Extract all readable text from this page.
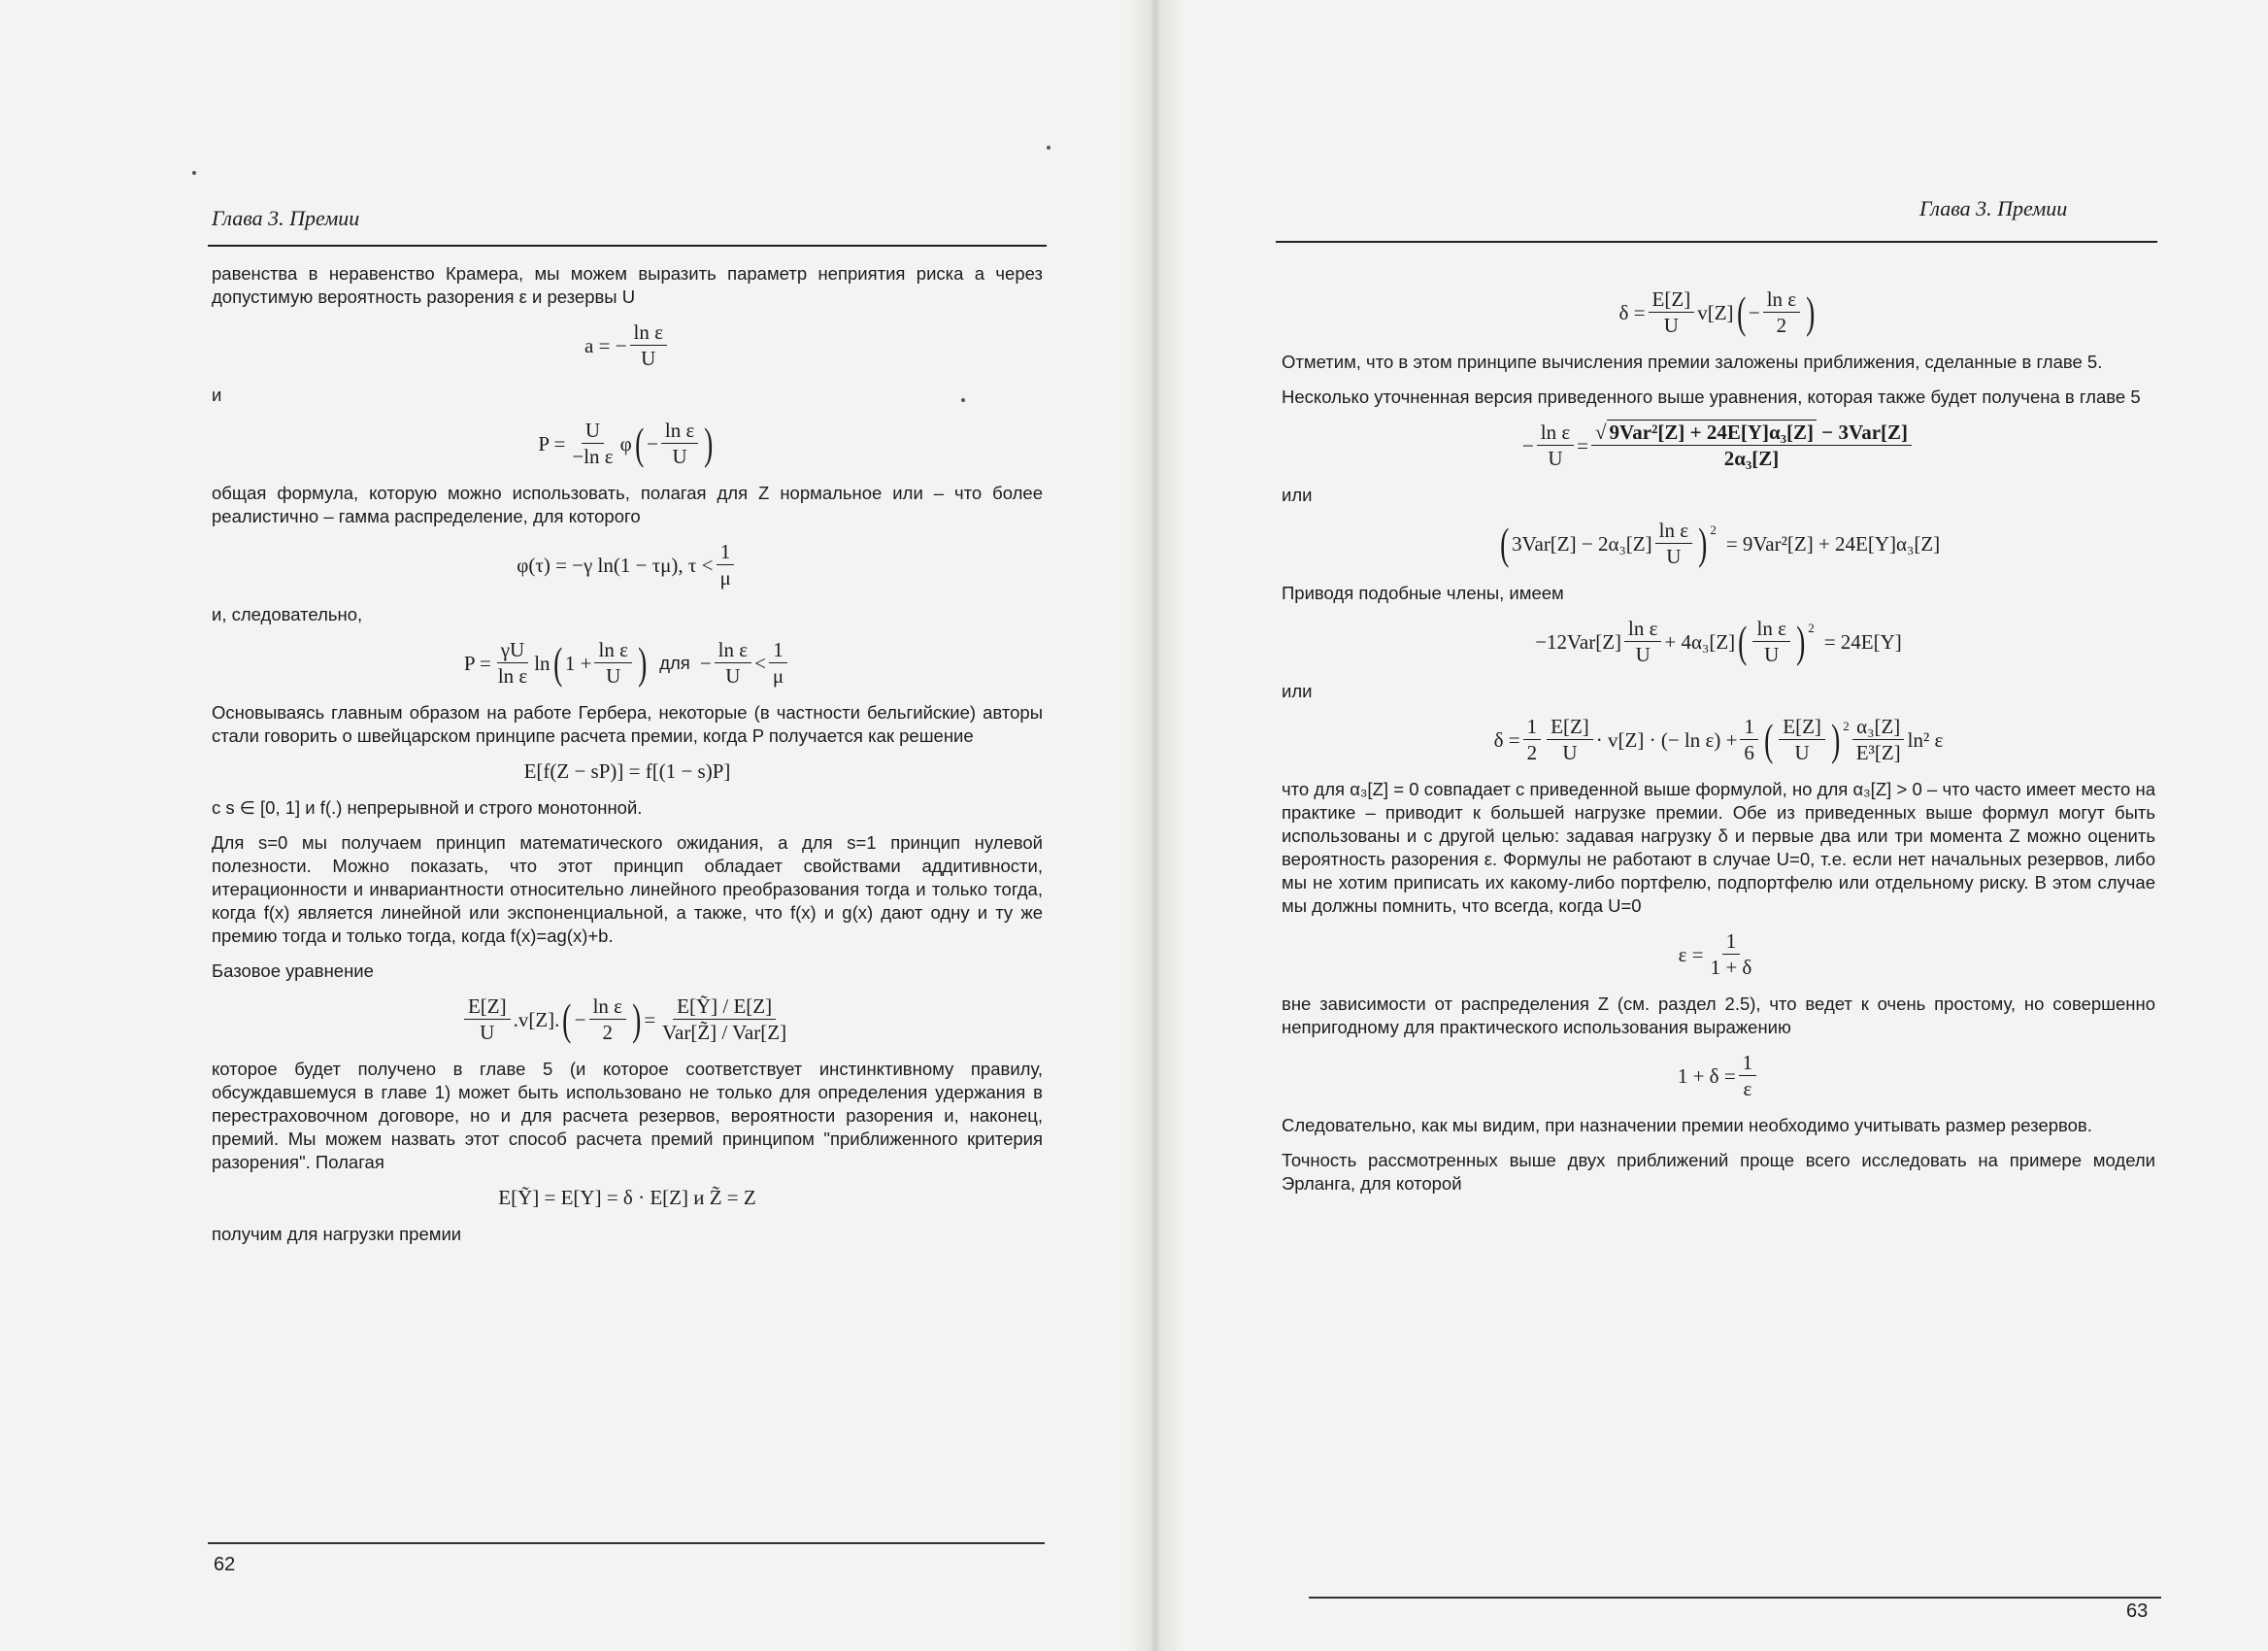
Глава 3. Премии

равенства в неравенство Крамера, мы можем выразить параметр неприятия риска а через допустимую вероятность разорения ε и резервы U

a = − $\frac{\text{ln ε}}{U}$

и

$P = \frac{U}{\text{−ln ε}}$ φ ( − $\frac{\text{ln ε}}{U}$ )

общая формула, которую можно использовать, полагая для Z нормальное или – что более реалистично – гамма распределение, для которого

φ(τ) = −γ ln(1 − τμ), $\tau < \frac{1}{\mu}$

и, следовательно,

$P = \frac{\gamma U}{\text{ln ε}}$ ln ( $1 + \frac{\text{ln ε}}{U}$ ) для − $\frac{\text{ln ε}}{U} < \frac{1}{\mu}$

Основываясь главным образом на работе Гербера, некоторые (в частности бельгийские) авторы стали говорить о швейцарском принципе расчета премии, когда P получается как решение

E[f(Z − sP)] = f[(1 − s)P]

с s ∈ [0, 1] и f(.) непрерывной и строго монотонной.

Для s=0 мы получаем принцип математического ожидания, а для s=1 принцип нулевой полезности. Можно показать, что этот принцип обладает свойствами аддитивности, итерационности и инвариантности относительно линейного преобразования тогда и только тогда, когда f(x) является линейной или экспоненциальной, а также, что f(x) и g(x) дают одну и ту же премию тогда и только тогда, когда f(x)=ag(x)+b.

Базовое уравнение

$\frac{E[Z]}{U} .v[Z]$. ( − $\frac{\text{ln ε}}{2}$ ) = $\frac{\text{E[Ỹ] / E[Z]}}{\text{Var[Z̃] / Var[Z]}}$

которое будет получено в главе 5 (и которое соответствует инстинктивному правилу, обсуждавшемуся в главе 1) может быть использовано не только для определения удержания в перестраховочном договоре, но и для расчета резервов, вероятности разорения и, наконец, премий. Мы можем назвать этот способ расчета премий принципом "приближенного критерия разорения". Полагая

E[Ỹ] = E[Y] = δ · E[Z] и Z̃ = Z

получим для нагрузки премии

62
Глава 3. Премии
$\delta = \frac{E[Z]}{U} v[Z]$ ( − $\frac{\text{ln ε}}{2}$ )

Отметим, что в этом принципе вычисления премии заложены приближения, сделанные в главе 5.

Несколько уточненная версия приведенного выше уравнения, которая также будет получена в главе 5

− $\frac{\text{ln ε}}{U} = \frac{\text{√ 9Var²[Z] + 24E[Y]α₃[Z] − 3Var[Z]}}{\text{2α₃[Z]}}$

или

( $3Var[Z] - 2\alpha_3[Z] \frac{\text{ln ε}}{U} )^2$
= 9Var²[Z] + 24E[Y]α₃[Z]

Приводя подобные члены, имеем

$-12Var[Z] \frac{\text{ln ε}}{U} + 4\alpha_3[Z]$ ( $\frac{\text{ln ε}}{U} )^2$
= 24E[Y]

или

$\delta = \frac{1}{2} \frac{E[Z]}{U} \cdot v[Z]$ · (− $\ln \varepsilon) + \frac{1}{6}$ ( $\frac{E[Z]}{U} )^2 \frac{\text{α₃[Z]}}{\text{E³[Z]}} \ln^2$ ε

что для α₃[Z] = 0 совпадает с приведенной выше формулой, но для α₃[Z] > 0 – что часто имеет место на практике – приводит к большей нагрузке премии. Обе из приведенных выше формул могут быть использованы и с другой целью: задавая нагрузку δ и первые два или три момента Z можно оценить вероятность разорения ε. Формулы не работают в случае U=0, т.е. если нет начальных резервов, либо мы не хотим приписать их какому-либо портфелю, подпортфелю или отдельному риску. В этом случае мы должны помнить, что всегда, когда U=0

$\varepsilon = \frac{1}{1 + \delta}$

вне зависимости от распределения Z (см. раздел 2.5), что ведет к очень простому, но совершенно непригодному для практического использования выражению

$1 + \delta = \frac{1}{\varepsilon}$

Следовательно, как мы видим, при назначении премии необходимо учитывать размер резервов.

Точность рассмотренных выше двух приближений проще всего исследовать на примере модели Эрланга, для которой

63
